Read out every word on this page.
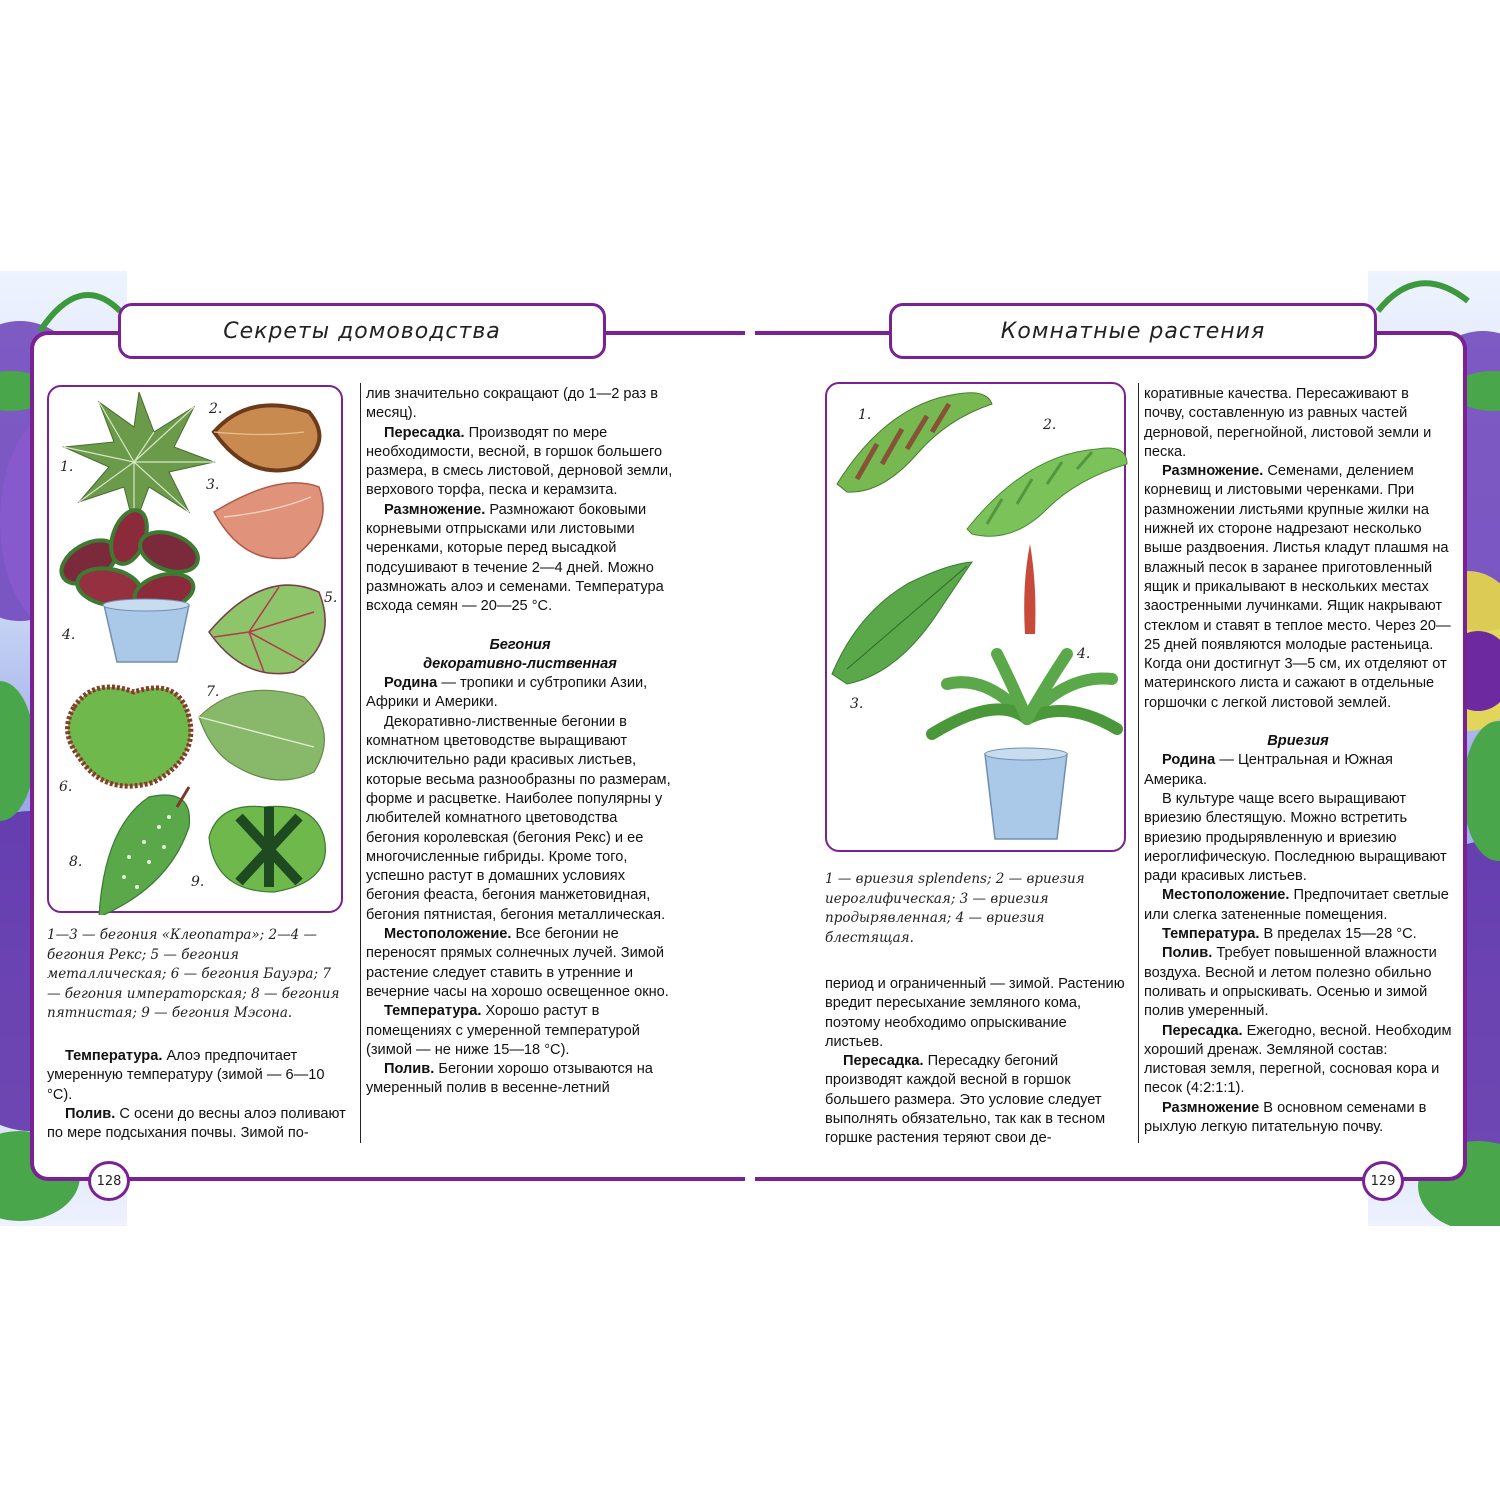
Секреты домоводства	Комнатные растения
128	129
1.
2.
3.
4.
5.
6.
7.
8.
9.
1—3 — бегония «Клеопатра»; 2—4 — бегония Рекс; 5 — бегония металлическая; 6 — бегония Бауэра; 7 — бегония императорская; 8 — бегония пятнистая; 9 — бегония Мэсона.

Температура. Алоэ предпочитает умеренную температуру (зимой — 6—10 °С).

Полив. С осени до весны алоэ поливают по мере подсыхания почвы. Зимой по-

лив значительно сокращают (до 1—2 раз в месяц).

Пересадка. Производят по мере необходимости, весной, в горшок большего размера, в смесь листовой, дерновой земли, верхового торфа, песка и керамзита.

Размножение. Размножают боковыми корневыми отпрысками или листовыми черенками, которые перед высадкой подсушивают в течение 2—4 дней. Можно размножать алоэ и семенами. Температура всхода семян — 20—25 °С.

Бегония

декоративно-лиственная

Родина — тропики и субтропики Азии, Африки и Америки.

Декоративно-лиственные бегонии в комнатном цветоводстве выращивают исключительно ради красивых листьев, которые весьма разнообразны по размерам, форме и расцветке. Наиболее популярны у любителей комнатного цветоводства бегония королевская (бегония Рекс) и ее многочисленные гибриды. Кроме того, успешно растут в домашних условиях бегония феаста, бегония манжетовидная, бегония пятнистая, бегония металлическая.

Местоположение. Все бегонии не переносят прямых солнечных лучей. Зимой растение следует ставить в утренние и вечерние часы на хорошо освещенное окно.

Температура. Хорошо растут в помещениях с умеренной температурой (зимой — не ниже 15—18 °С).

Полив. Бегонии хорошо отзываются на умеренный полив в весенне-летний

1.
2.
3.
4.
1 — вриезия splendens; 2 — вриезия иероглифическая; 3 — вриезия продырявленная; 4 — вриезия блестящая.

период и ограниченный — зимой. Растению вредит пересыхание земляного кома, поэтому необходимо опрыскивание листьев.

Пересадка. Пересадку бегоний производят каждой весной в горшок большего размера. Это условие следует выполнять обязательно, так как в тесном горшке растения теряют свои де-

коративные качества. Пересаживают в почву, составленную из равных частей дерновой, перегнойной, листовой земли и песка.

Размножение. Семенами, делением корневищ и листовыми черенками. При размножении листьями крупные жилки на нижней их стороне надрезают несколько выше раздвоения. Листья кладут плашмя на влажный песок в заранее приготовленный ящик и прикалывают в нескольких местах заостренными лучинками. Ящик накрывают стеклом и ставят в теплое место. Через 20—25 дней появляются молодые растеньица. Когда они достигнут 3—5 см, их отделяют от материнского листа и сажают в отдельные горшочки с легкой листовой землей.

Вриезия

Родина — Центральная и Южная Америка.

В культуре чаще всего выращивают вриезию блестящую. Можно встретить вриезию продырявленную и вриезию иероглифическую. Последнюю выращивают ради красивых листьев.

Местоположение. Предпочитает светлые или слегка затененные помещения.

Температура. В пределах 15—28 °С.

Полив. Требует повышенной влажности воздуха. Весной и летом полезно обильно поливать и опрыскивать. Осенью и зимой полив умеренный.

Пересадка. Ежегодно, весной. Необходим хороший дренаж. Земляной состав: листовая земля, перегной, сосновая кора и песок (4:2:1:1).

Размножение В основном семенами в рыхлую легкую питательную почву.
